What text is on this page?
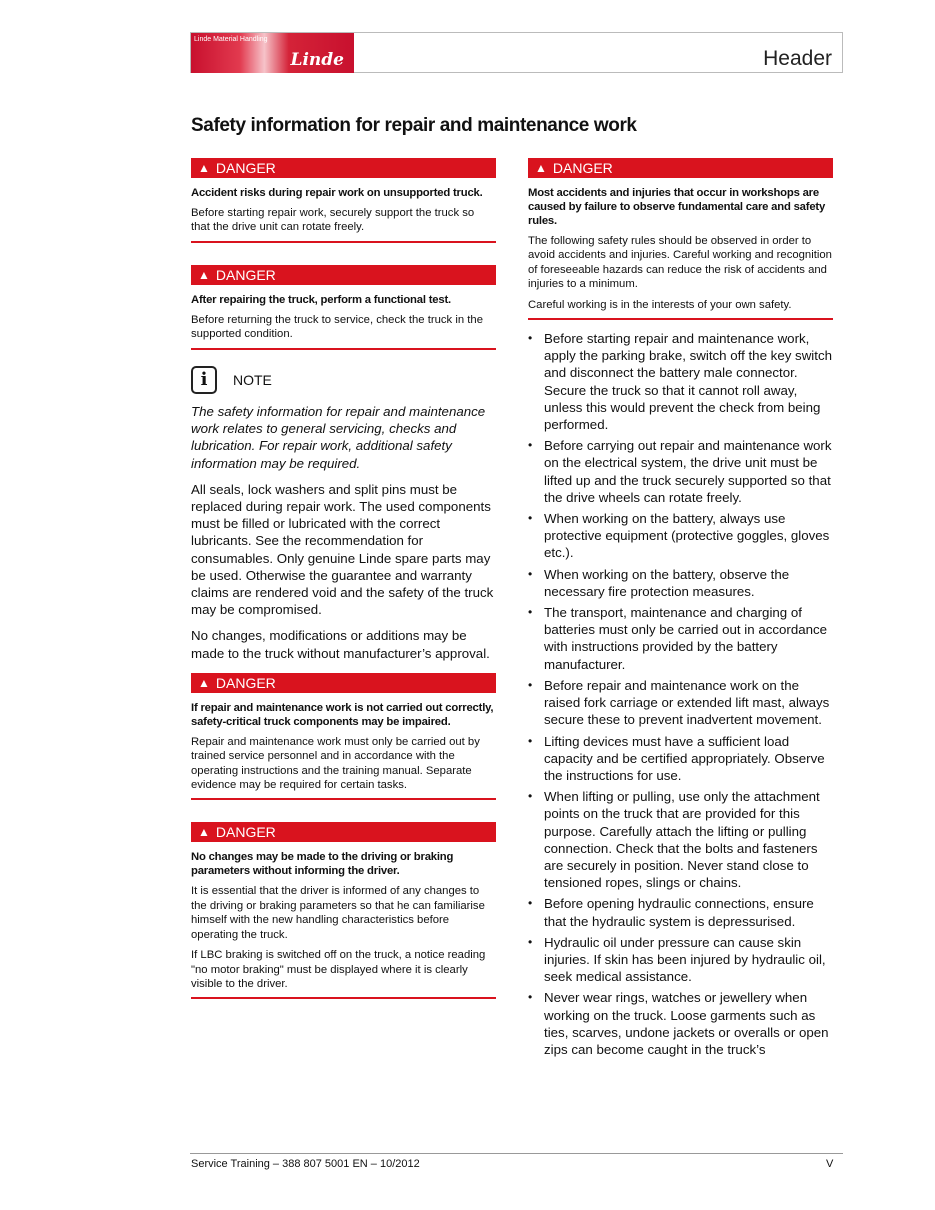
Linde Material Handling
Linde	Header
Safety information for repair and maintenance work
▲ DANGER
Accident risks during repair work on unsupported truck.
Before starting repair work, securely support the truck so that the drive unit can rotate freely.
▲ DANGER
After repairing the truck, perform a functional test.
Before returning the truck to service, check the truck in the supported condition.
i	NOTE
The safety information for repair and maintenance work relates to general servicing, checks and lubrication. For repair work, additional safety information may be required.
All seals, lock washers and split pins must be replaced during repair work. The used components must be filled or lubricated with the correct lubricants. See the recommendation for consumables. Only genuine Linde spare parts may be used. Otherwise the guarantee and warranty claims are rendered void and the safety of the truck may be compromised.
No changes, modifications or additions may be made to the truck without manufacturer’s approval.
▲ DANGER
If repair and maintenance work is not carried out correctly, safety-critical truck components may be impaired.
Repair and maintenance work must only be carried out by trained service personnel and in accordance with the operating instructions and the training manual. Separate evidence may be required for certain tasks.
▲ DANGER
No changes may be made to the driving or braking parameters without informing the driver.
It is essential that the driver is informed of any changes to the driving or braking parameters so that he can familiarise himself with the new handling characteristics before operating the truck.
If LBC braking is switched off on the truck, a notice reading "no motor braking" must be displayed where it is clearly visible to the driver.
▲ DANGER
Most accidents and injuries that occur in workshops are caused by failure to observe fundamental care and safety rules.
The following safety rules should be observed in order to avoid accidents and injuries. Careful working and recognition of foreseeable hazards can reduce the risk of accidents and injuries to a minimum.
Careful working is in the interests of your own safety.
• Before starting repair and maintenance work, apply the parking brake, switch off the key switch and disconnect the battery male connector. Secure the truck so that it cannot roll away, unless this would prevent the check from being performed.
• Before carrying out repair and maintenance work on the electrical system, the drive unit must be lifted up and the truck securely supported so that the drive wheels can rotate freely.
• When working on the battery, always use protective equipment (protective goggles, gloves etc.).
• When working on the battery, observe the necessary fire protection measures.
• The transport, maintenance and charging of batteries must only be carried out in accordance with instructions provided by the battery manufacturer.
• Before repair and maintenance work on the raised fork carriage or extended lift mast, always secure these to prevent inadvertent movement.
• Lifting devices must have a sufficient load capacity and be certified appropriately. Observe the instructions for use.
• When lifting or pulling, use only the attachment points on the truck that are provided for this purpose. Carefully attach the lifting or pulling connection. Check that the bolts and fasteners are securely in position. Never stand close to tensioned ropes, slings or chains.
• Before opening hydraulic connections, ensure that the hydraulic system is depressurised.
• Hydraulic oil under pressure can cause skin injuries. If skin has been injured by hydraulic oil, seek medical assistance.
• Never wear rings, watches or jewellery when working on the truck. Loose garments such as ties, scarves, undone jackets or overalls or open zips can become caught in the truck’s
Service Training – 388 807 5001 EN – 10/2012	V
